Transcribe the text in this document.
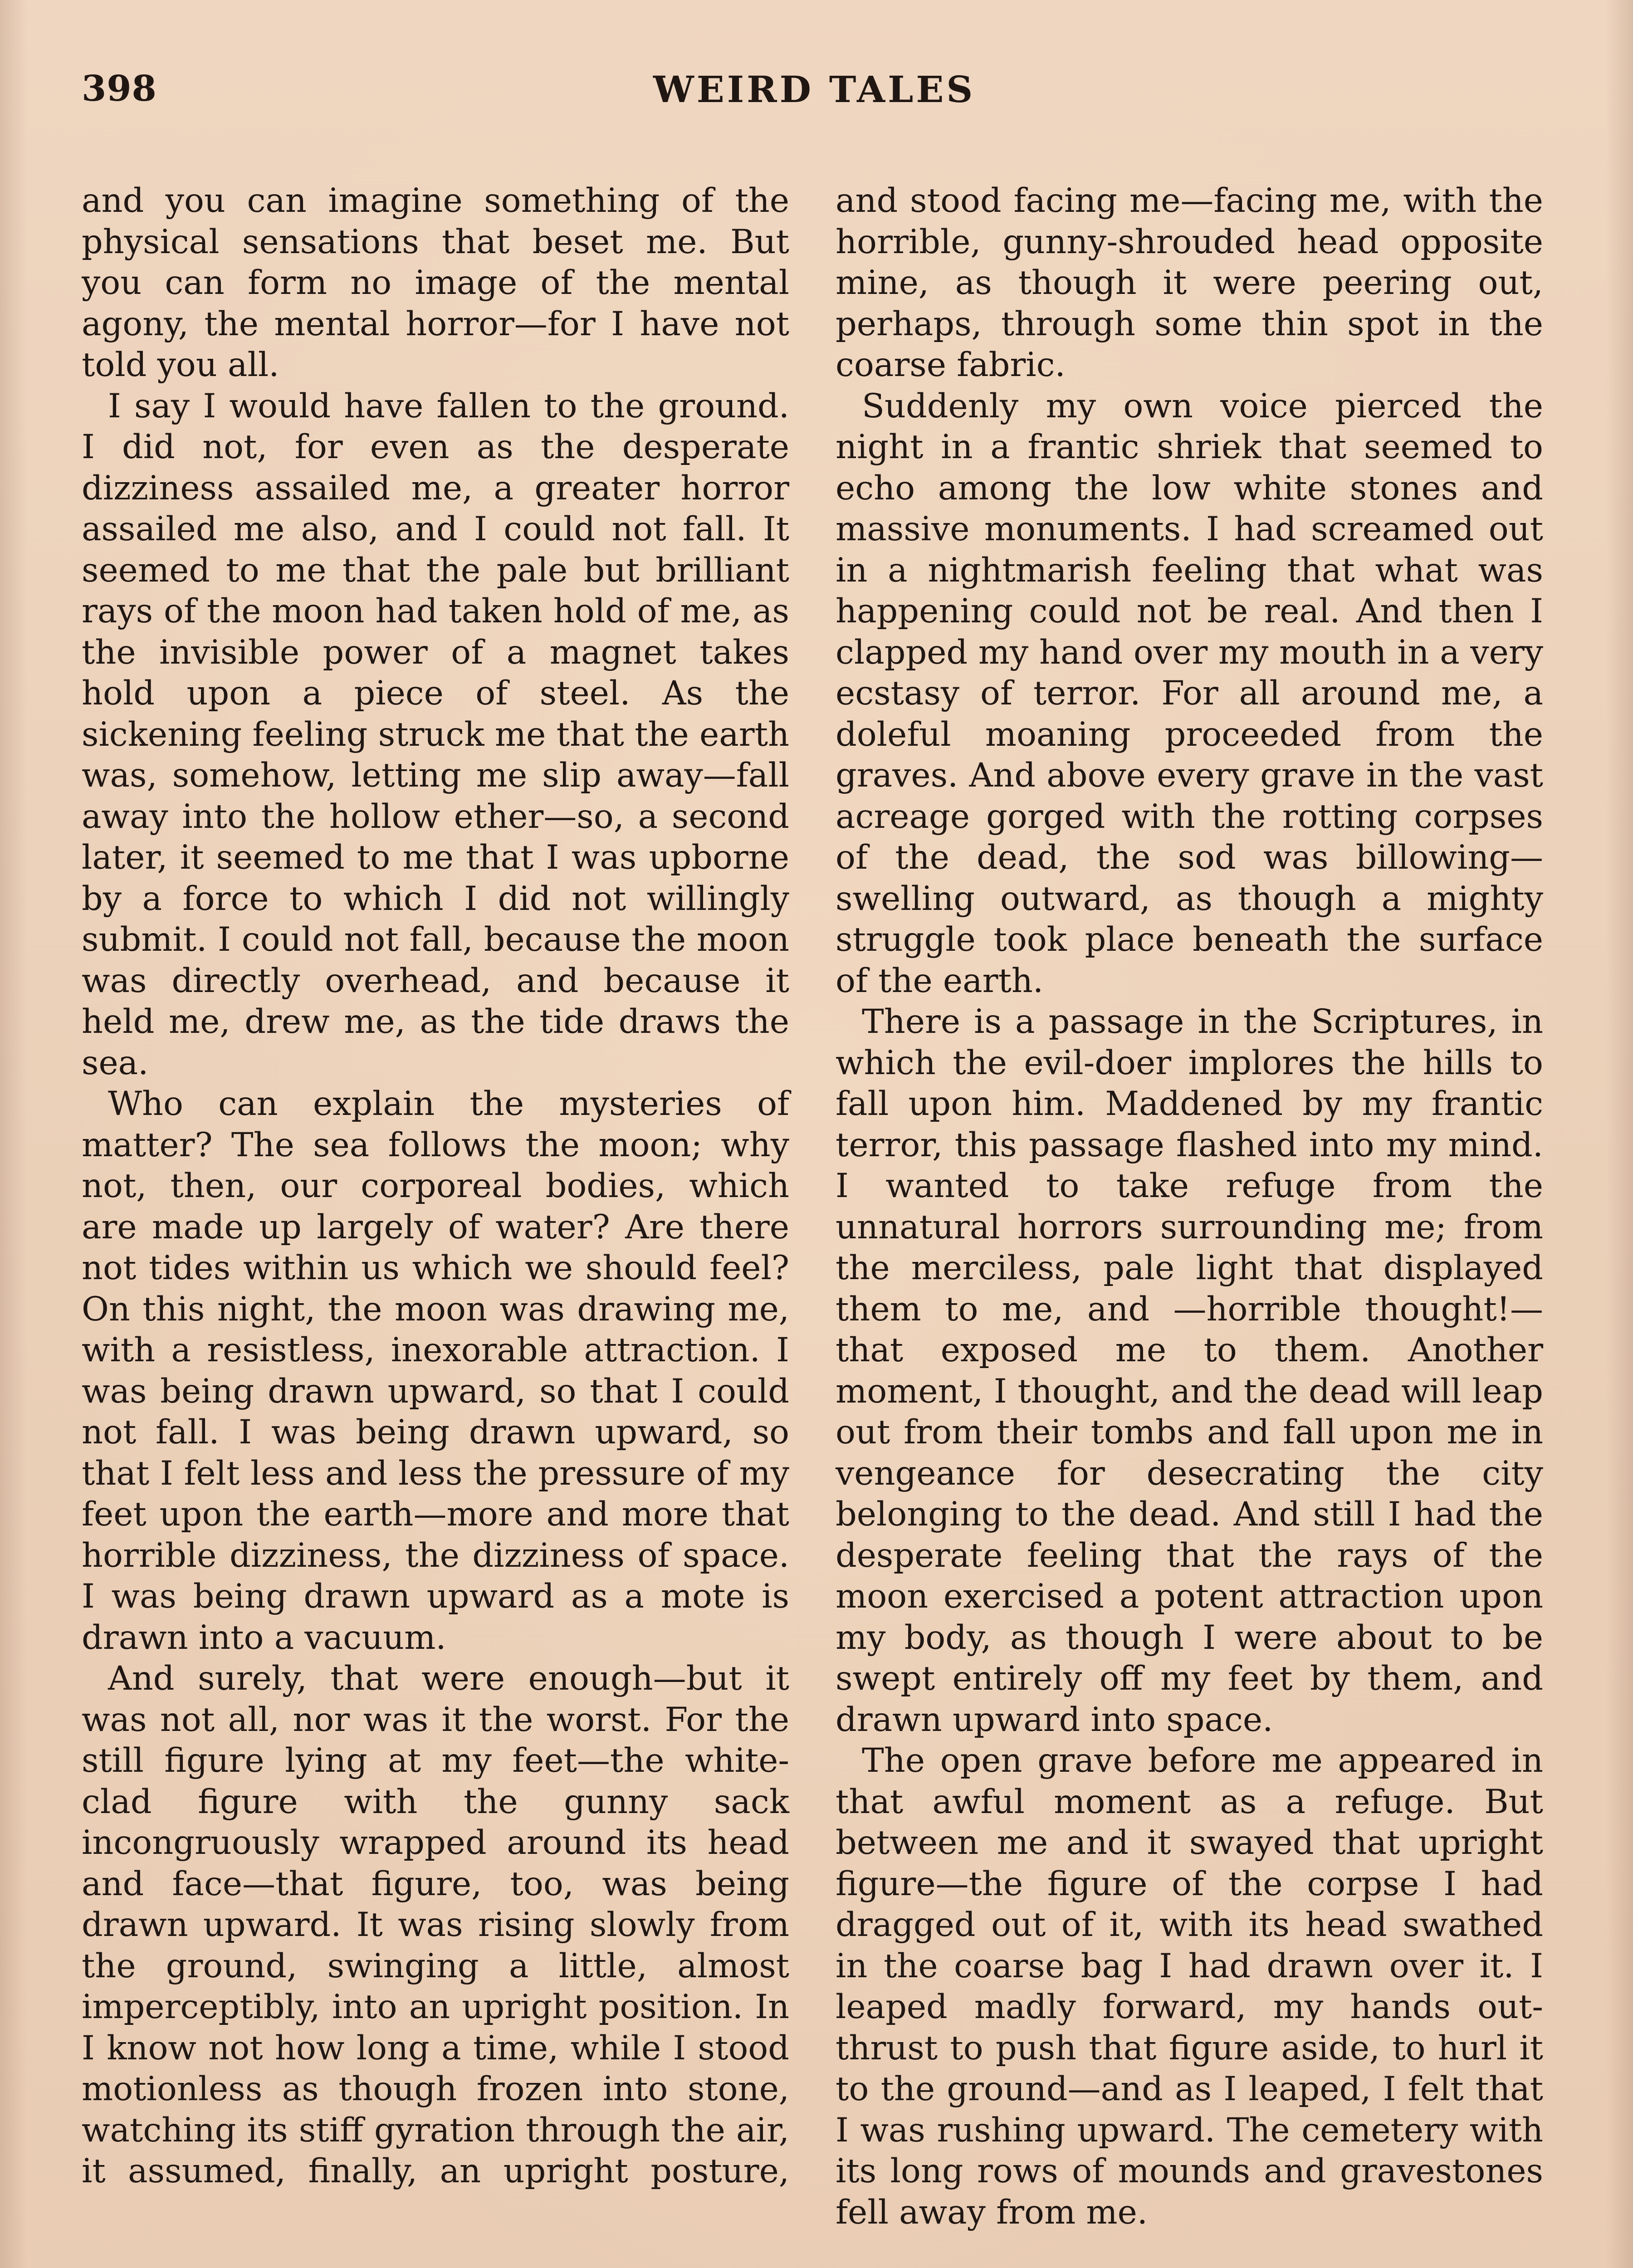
WEIRD TALES
398

and you can imagine something of the physical sensations that beset me. But you can form no image of the mental agony, the mental horror—for I have not told you all.

I say I would have fallen to the ground. I did not, for even as the desperate dizziness assailed me, a greater horror assailed me also, and I could not fall. It seemed to me that the pale but brilliant rays of the moon had taken hold of me, as the invisible power of a magnet takes hold upon a piece of steel. As the sickening feeling struck me that the earth was, somehow, letting me slip away—fall away into the hollow ether—so, a second later, it seemed to me that I was upborne by a force to which I did not willingly submit. I could not fall, because the moon was directly overhead, and because it held me, drew me, as the tide draws the sea.

Who can explain the mysteries of matter? The sea follows the moon; why not, then, our corporeal bodies, which are made up largely of water? Are there not tides within us which we should feel? On this night, the moon was drawing me, with a resistless, inexorable attraction. I was being drawn upward, so that I could not fall. I was being drawn upward, so that I felt less and less the pressure of my feet upon the earth—more and more that horrible dizziness, the dizziness of space. I was being drawn upward as a mote is drawn into a vacuum.

And surely, that were enough—but it was not all, nor was it the worst. For the still figure lying at my feet—the white-clad figure with the gunny sack incongruously wrapped around its head and face—that figure, too, was being drawn upward. It was rising slowly from the ground, swinging a little, almost imperceptibly, into an upright position. In I know not how long a time, while I stood motionless as though frozen into stone, watching its stiff gyration through the air, it assumed, finally, an upright posture,

and stood facing me—facing me, with the horrible, gunny-shrouded head opposite mine, as though it were peering out, perhaps, through some thin spot in the coarse fabric.

Suddenly my own voice pierced the night in a frantic shriek that seemed to echo among the low white stones and massive monuments. I had screamed out in a nightmarish feeling that what was happening could not be real. And then I clapped my hand over my mouth in a very ecstasy of terror. For all around me, a doleful moaning proceeded from the graves. And above every grave in the vast acreage gorged with the rotting corpses of the dead, the sod was billowing—swelling outward, as though a mighty struggle took place beneath the surface of the earth.

There is a passage in the Scriptures, in which the evil-doer implores the hills to fall upon him. Maddened by my frantic terror, this passage flashed into my mind. I wanted to take refuge from the unnatural horrors surrounding me; from the merciless, pale light that displayed them to me, and —horrible thought!—that exposed me to them. Another moment, I thought, and the dead will leap out from their tombs and fall upon me in vengeance for desecrating the city belonging to the dead. And still I had the desperate feeling that the rays of the moon exercised a potent attraction upon my body, as though I were about to be swept entirely off my feet by them, and drawn upward into space.

The open grave before me appeared in that awful moment as a refuge. But between me and it swayed that upright figure—the figure of the corpse I had dragged out of it, with its head swathed in the coarse bag I had drawn over it. I leaped madly forward, my hands out-thrust to push that figure aside, to hurl it to the ground—and as I leaped, I felt that I was rushing upward. The cemetery with its long rows of mounds and gravestones fell away from me.
